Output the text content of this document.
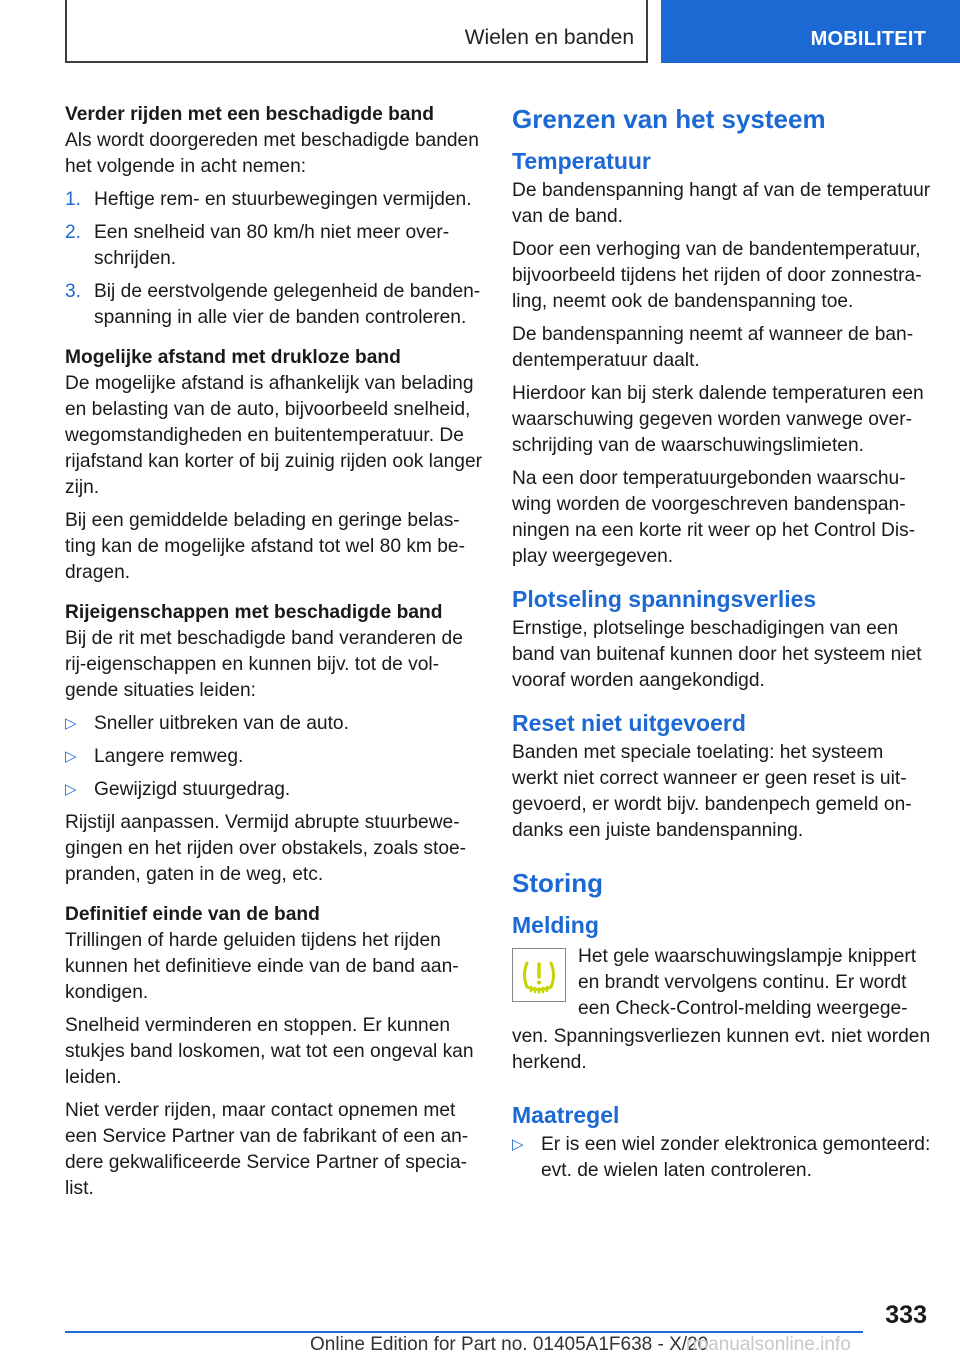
Wielen en banden	MOBILITEIT
Verder rijden met een beschadigde band

Als wordt doorgereden met beschadigde banden het volgende in acht nemen:

1. Heftige rem- en stuurbewegingen vermijden.
2. Een snelheid van 80 km/h niet meer over-schrijden.
3. Bij de eerstvolgende gelegenheid de banden-spanning in alle vier de banden controleren.
Mogelijke afstand met drukloze band

De mogelijke afstand is afhankelijk van belading en belasting van de auto, bijvoorbeeld snelheid, wegomstandigheden en buitentemperatuur. De rijafstand kan korter of bij zuinig rijden ook langer zijn.

Bij een gemiddelde belading en geringe belas-ting kan de mogelijke afstand tot wel 80 km be-dragen.

Rijeigenschappen met beschadigde band

Bij de rit met beschadigde band veranderen de rij-eigenschappen en kunnen bijv. tot de vol-gende situaties leiden:

▷ Sneller uitbreken van de auto.
▷ Langere remweg.
▷ Gewijzigd stuurgedrag.

Rijstijl aanpassen. Vermijd abrupte stuurbewe-gingen en het rijden over obstakels, zoals stoe-pranden, gaten in de weg, etc.

Definitief einde van de band

Trillingen of harde geluiden tijdens het rijden kunnen het definitieve einde van de band aan-kondigen.

Snelheid verminderen en stoppen. Er kunnen stukjes band loskomen, wat tot een ongeval kan leiden.

Niet verder rijden, maar contact opnemen met een Service Partner van de fabrikant of een an-dere gekwalificeerde Service Partner of specia-list.

Grenzen van het systeem
Temperatuur

De bandenspanning hangt af van de temperatuur van de band.

Door een verhoging van de bandentemperatuur, bijvoorbeeld tijdens het rijden of door zonnestra-ling, neemt ook de bandenspanning toe.

De bandenspanning neemt af wanneer de ban-dentemperatuur daalt.

Hierdoor kan bij sterk dalende temperaturen een waarschuwing gegeven worden vanwege over-schrijding van de waarschuwingslimieten.

Na een door temperatuurgebonden waarschu-wing worden de voorgeschreven bandenspan-ningen na een korte rit weer op het Control Dis-play weergegeven.

Plotseling spanningsverlies

Ernstige, plotselinge beschadigingen van een band van buitenaf kunnen door het systeem niet vooraf worden aangekondigd.

Reset niet uitgevoerd

Banden met speciale toelating: het systeem werkt niet correct wanneer er geen reset is uit-gevoerd, er wordt bijv. bandenpech gemeld on-danks een juiste bandenspanning.

Storing
Melding

Het gele waarschuwingslampje knippert en brandt vervolgens continu. Er wordt een Check-Control-melding weergege-

ven. Spanningsverliezen kunnen evt. niet worden herkend.

Maatregel
▷ Er is een wiel zonder elektronica gemonteerd: evt. de wielen laten controleren.
333
Online Edition for Part no. 01405A1F638 - X/20
rmanualsonline.info
